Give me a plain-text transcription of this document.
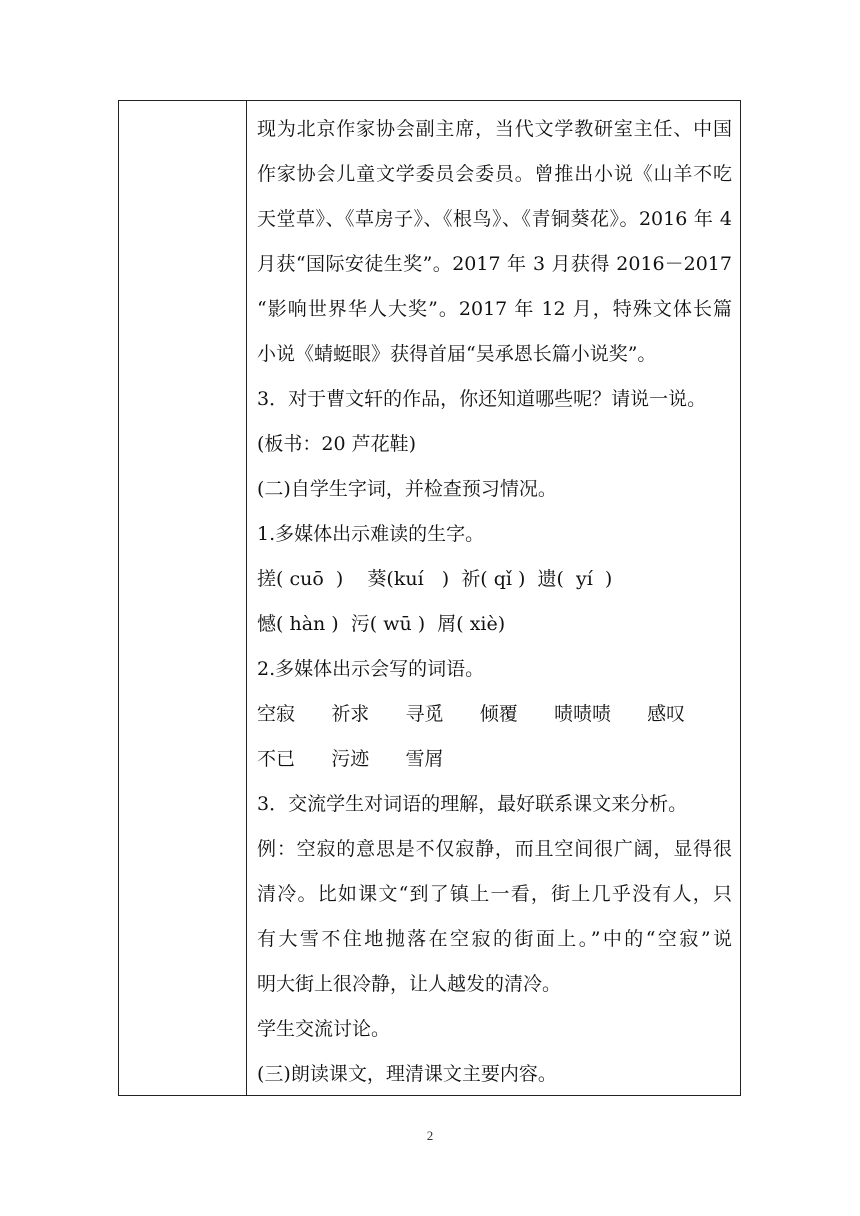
现为北京作家协会副主席，当代文学教研室主任、中国
作家协会儿童文学委员会委员。曾推出小说《山羊不吃
天堂草》、《草房子》、《根鸟》、《青铜葵花》。2016 年 4
月获“国际安徒生奖”。2017 年 3 月获得 2016－2017
“影响世界华人大奖”。2017 年 12 月，特殊文体长篇
小说《蜻蜓眼》获得首届“吴承恩长篇小说奖”。
3．对于曹文轩的作品，你还知道哪些呢？请说一说。
(板书：20 芦花鞋)
(二)自学生字词，并检查预习情况。
1.多媒体出示难读的生字。
搓( cuō  )    葵(kuí   )  祈( qǐ )  遗(  yí  )
憾( hàn )  污( wū )  屑( xiè)
2.多媒体出示会写的词语。
空寂      祈求      寻觅      倾覆      啧啧啧      感叹
不已      污迹      雪屑
3．交流学生对词语的理解，最好联系课文来分析。
例：空寂的意思是不仅寂静，而且空间很广阔，显得很
清冷。比如课文“到了镇上一看，街上几乎没有人，只
有大雪不住地抛落在空寂的街面上。”中的“空寂”说
明大街上很冷静，让人越发的清冷。
学生交流讨论。
(三)朗读课文，理清课文主要内容。
2
